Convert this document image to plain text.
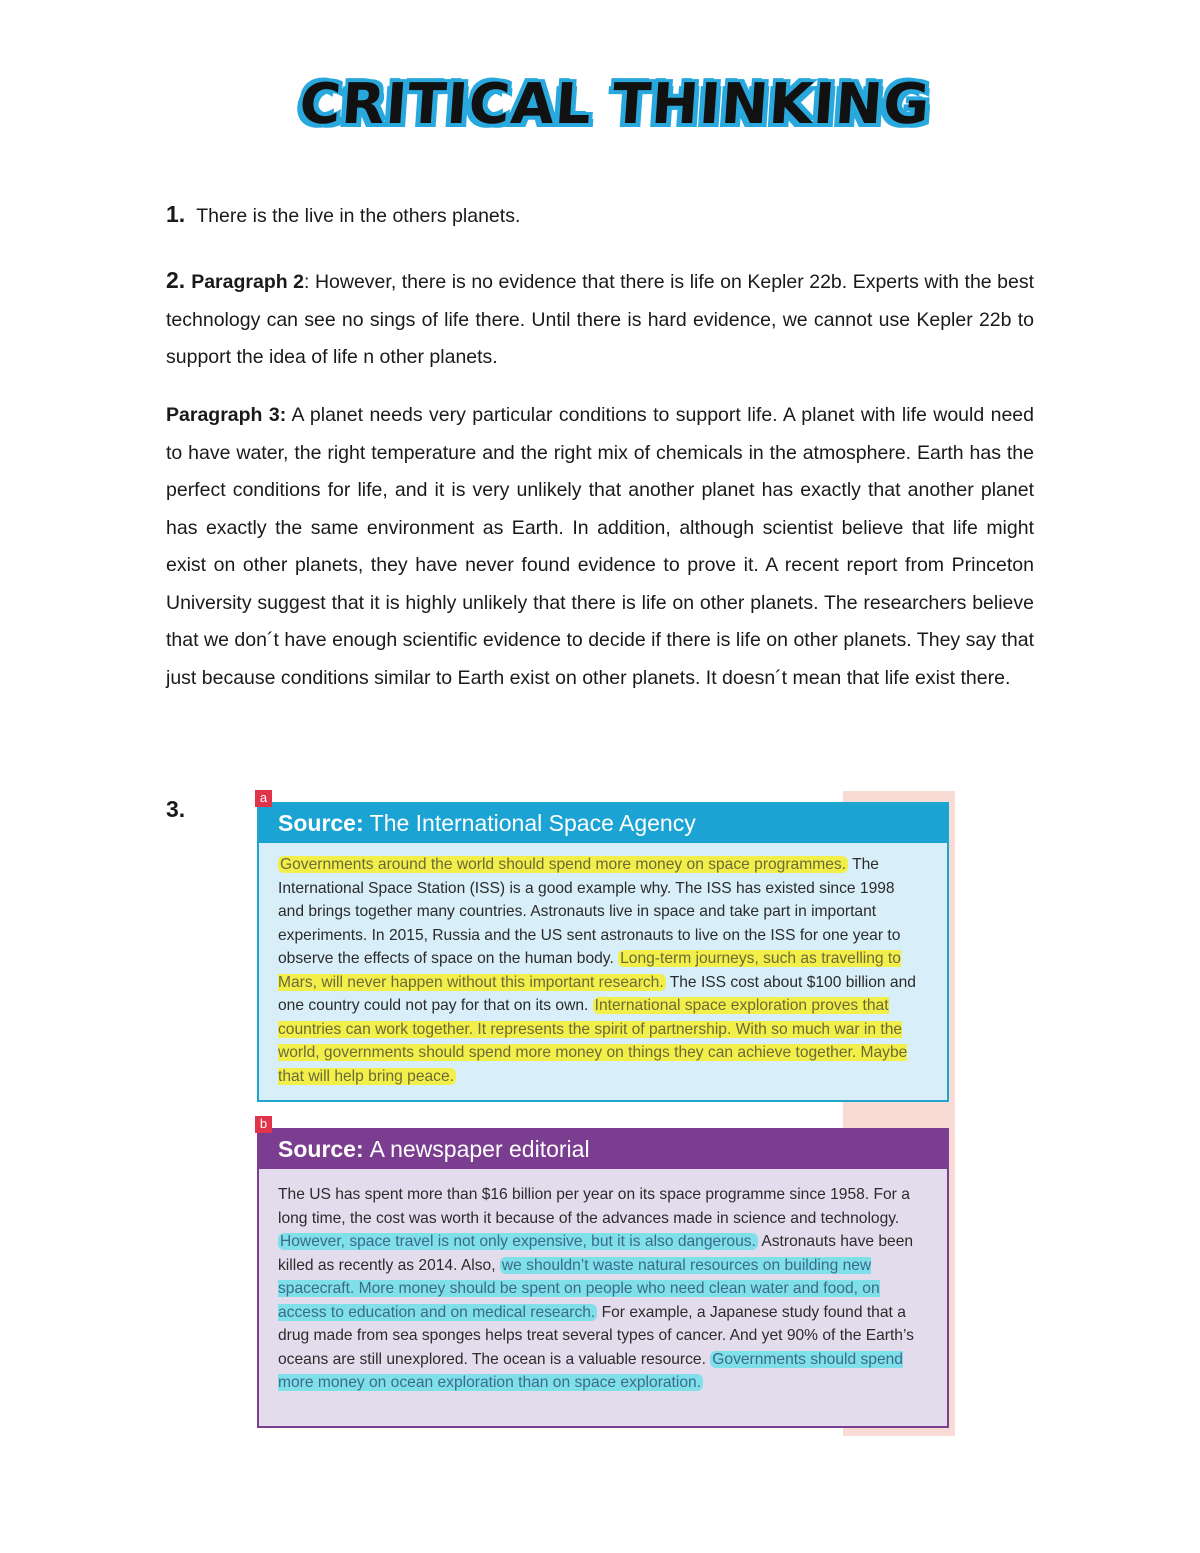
CRITICAL THINKING
1. There is the live in the others planets.
2. Paragraph 2: However, there is no evidence that there is life on Kepler 22b. Experts with the best technology can see no sings of life there. Until there is hard evidence, we cannot use Kepler 22b to support the idea of life n other planets.
Paragraph 3: A planet needs very particular conditions to support life. A planet with life would need to have water, the right temperature and the right mix of chemicals in the atmosphere. Earth has the perfect conditions for life, and it is very unlikely that another planet has exactly that another planet has exactly the same environment as Earth. In addition, although scientist believe that life might exist on other planets, they have never found evidence to prove it. A recent report from Princeton University suggest that it is highly unlikely that there is life on other planets. The researchers believe that we don´t have enough scientific evidence to decide if there is life on other planets. They say that just because conditions similar to Earth exist on other planets. It doesn´t mean that life exist there.
3.	a
Source: The International Space Agency
Governments around the world should spend more money on space programmes. The International Space Station (ISS) is a good example why. The ISS has existed since 1998 and brings together many countries. Astronauts live in space and take part in important experiments. In 2015, Russia and the US sent astronauts to live on the ISS for one year to observe the effects of space on the human body. Long-term journeys, such as travelling to Mars, will never happen without this important research. The ISS cost about $100 billion and one country could not pay for that on its own. International space exploration proves that countries can work together. It represents the spirit of partnership. With so much war in the world, governments should spend more money on things they can achieve together. Maybe that will help bring peace.
b
Source: A newspaper editorial
The US has spent more than $16 billion per year on its space programme since 1958. For a long time, the cost was worth it because of the advances made in science and technology. However, space travel is not only expensive, but it is also dangerous. Astronauts have been killed as recently as 2014. Also, we shouldn’t waste natural resources on building new spacecraft. More money should be spent on people who need clean water and food, on access to education and on medical research. For example, a Japanese study found that a drug made from sea sponges helps treat several types of cancer. And yet 90% of the Earth’s oceans are still unexplored. The ocean is a valuable resource. Governments should spend more money on ocean exploration than on space exploration.
